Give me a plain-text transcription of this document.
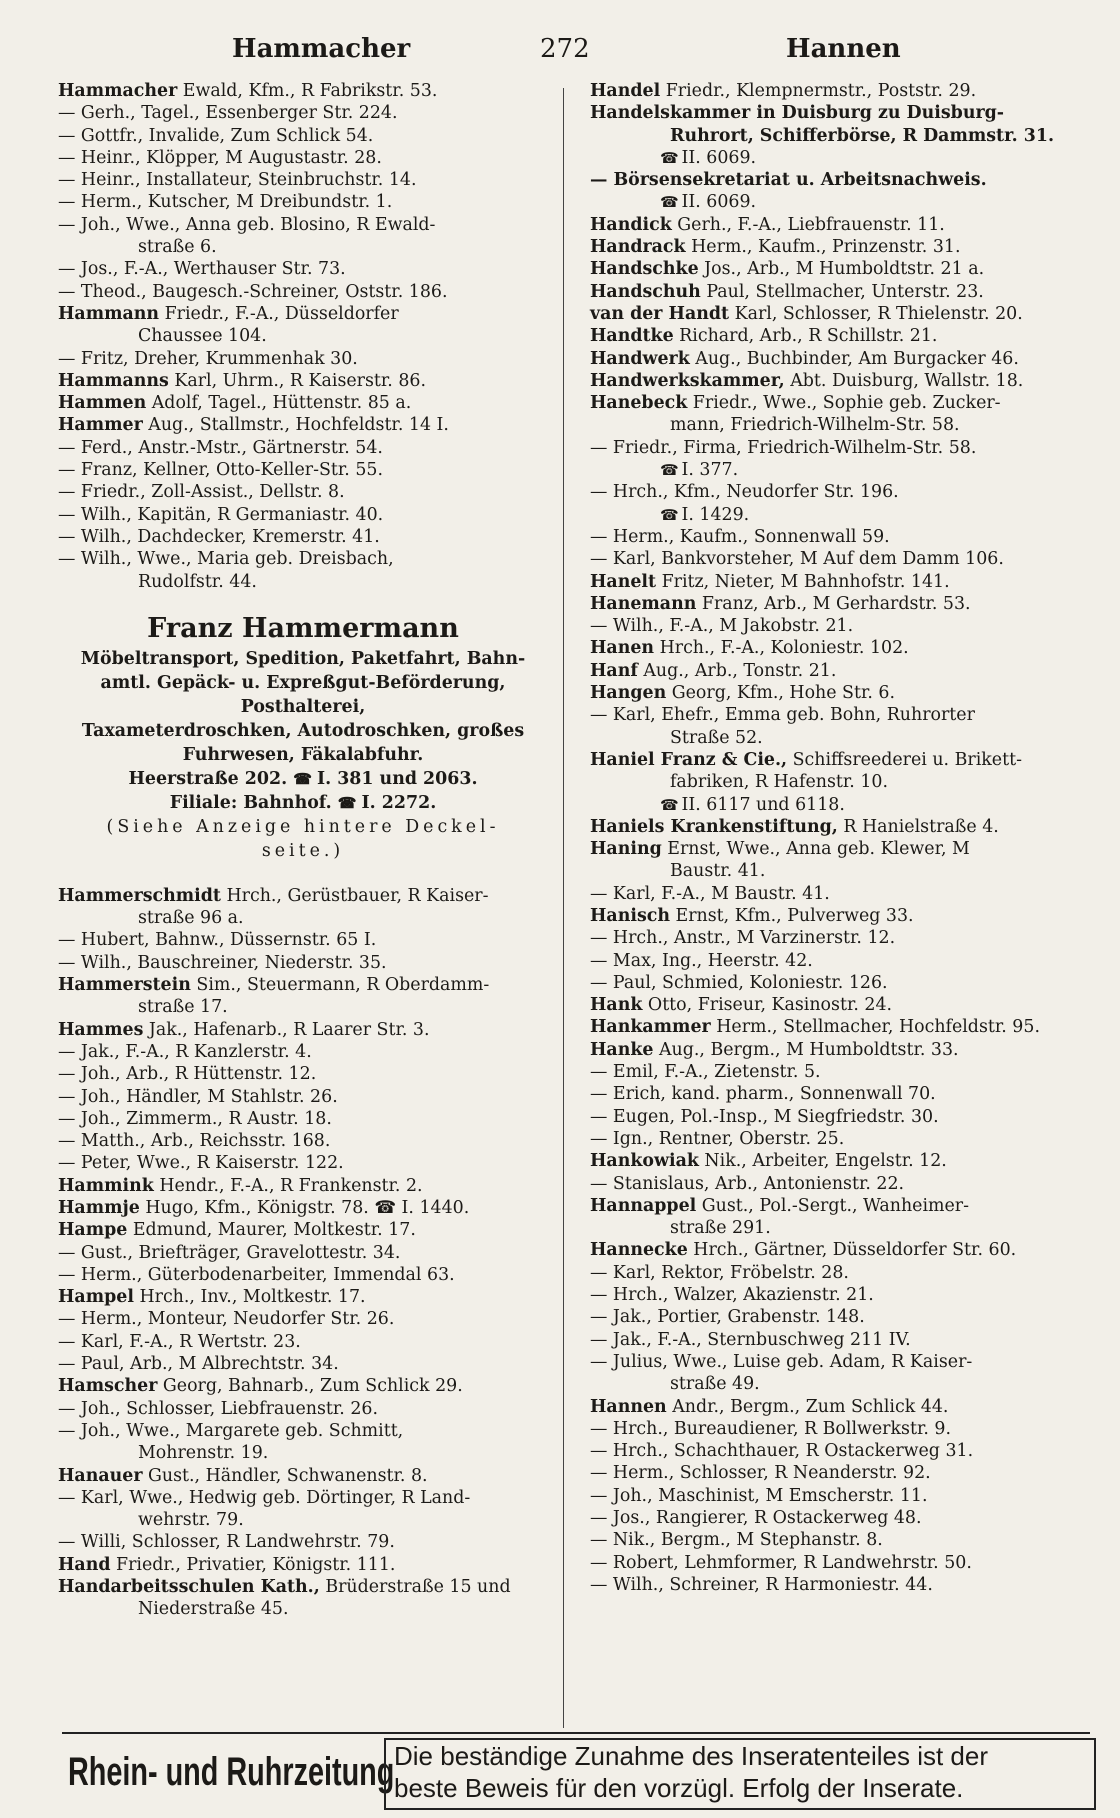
Hammacher	272	Hannen
Hammacher Ewald, Kfm., R Fabrikstr. 53.
— Gerh., Tagel., Essenberger Str. 224.
— Gottfr., Invalide, Zum Schlick 54.
— Heinr., Klöpper, M Augustastr. 28.
— Heinr., Installateur, Steinbruchstr. 14.
— Herm., Kutscher, M Dreibundstr. 1.
— Joh., Wwe., Anna geb. Blosino, R Ewald-
straße 6.
— Jos., F.-A., Werthauser Str. 73.
— Theod., Baugesch.-Schreiner, Oststr. 186.
Hammann Friedr., F.-A., Düsseldorfer
Chaussee 104.
— Fritz, Dreher, Krummenhak 30.
Hammanns Karl, Uhrm., R Kaiserstr. 86.
Hammen Adolf, Tagel., Hüttenstr. 85 a.
Hammer Aug., Stallmstr., Hochfeldstr. 14 I.
— Ferd., Anstr.-Mstr., Gärtnerstr. 54.
— Franz, Kellner, Otto-Keller-Str. 55.
— Friedr., Zoll-Assist., Dellstr. 8.
— Wilh., Kapitän, R Germaniastr. 40.
— Wilh., Dachdecker, Kremerstr. 41.
— Wilh., Wwe., Maria geb. Dreisbach,
Rudolfstr. 44.
Franz Hammermann
Möbeltransport, Spedition, Paketfahrt, Bahn-
amtl. Gepäck- u. Expreßgut-Beförderung,
Posthalterei,
Taxameterdroschken, Autodroschken, großes
Fuhrwesen, Fäkalabfuhr.
Heerstraße 202. ☎ I. 381 und 2063.
Filiale: Bahnhof. ☎ I. 2272.
(Siehe Anzeige hintere Deckel-
seite.)
Hammerschmidt Hrch., Gerüstbauer, R Kaiser-
straße 96 a.
— Hubert, Bahnw., Düssernstr. 65 I.
— Wilh., Bauschreiner, Niederstr. 35.
Hammerstein Sim., Steuermann, R Oberdamm-
straße 17.
Hammes Jak., Hafenarb., R Laarer Str. 3.
— Jak., F.-A., R Kanzlerstr. 4.
— Joh., Arb., R Hüttenstr. 12.
— Joh., Händler, M Stahlstr. 26.
— Joh., Zimmerm., R Austr. 18.
— Matth., Arb., Reichsstr. 168.
— Peter, Wwe., R Kaiserstr. 122.
Hammink Hendr., F.-A., R Frankenstr. 2.
Hammje Hugo, Kfm., Königstr. 78. ☎ I. 1440.
Hampe Edmund, Maurer, Moltkestr. 17.
— Gust., Briefträger, Gravelottestr. 34.
— Herm., Güterbodenarbeiter, Immendal 63.
Hampel Hrch., Inv., Moltkestr. 17.
— Herm., Monteur, Neudorfer Str. 26.
— Karl, F.-A., R Wertstr. 23.
— Paul, Arb., M Albrechtstr. 34.
Hamscher Georg, Bahnarb., Zum Schlick 29.
— Joh., Schlosser, Liebfrauenstr. 26.
— Joh., Wwe., Margarete geb. Schmitt,
Mohrenstr. 19.
Hanauer Gust., Händler, Schwanenstr. 8.
— Karl, Wwe., Hedwig geb. Dörtinger, R Land-
wehrstr. 79.
— Willi, Schlosser, R Landwehrstr. 79.
Hand Friedr., Privatier, Königstr. 111.
Handarbeitsschulen Kath., Brüderstraße 15 und
Niederstraße 45.
Handel Friedr., Klempnermstr., Poststr. 29.
Handelskammer in Duisburg zu Duisburg-
Ruhrort, Schifferbörse, R Dammstr. 31.
☎ II. 6069.
— Börsensekretariat u. Arbeitsnachweis.
☎ II. 6069.
Handick Gerh., F.-A., Liebfrauenstr. 11.
Handrack Herm., Kaufm., Prinzenstr. 31.
Handschke Jos., Arb., M Humboldtstr. 21 a.
Handschuh Paul, Stellmacher, Unterstr. 23.
van der Handt Karl, Schlosser, R Thielenstr. 20.
Handtke Richard, Arb., R Schillstr. 21.
Handwerk Aug., Buchbinder, Am Burgacker 46.
Handwerkskammer, Abt. Duisburg, Wallstr. 18.
Hanebeck Friedr., Wwe., Sophie geb. Zucker-
mann, Friedrich-Wilhelm-Str. 58.
— Friedr., Firma, Friedrich-Wilhelm-Str. 58.
☎ I. 377.
— Hrch., Kfm., Neudorfer Str. 196.
☎ I. 1429.
— Herm., Kaufm., Sonnenwall 59.
— Karl, Bankvorsteher, M Auf dem Damm 106.
Hanelt Fritz, Nieter, M Bahnhofstr. 141.
Hanemann Franz, Arb., M Gerhardstr. 53.
— Wilh., F.-A., M Jakobstr. 21.
Hanen Hrch., F.-A., Koloniestr. 102.
Hanf Aug., Arb., Tonstr. 21.
Hangen Georg, Kfm., Hohe Str. 6.
— Karl, Ehefr., Emma geb. Bohn, Ruhrorter
Straße 52.
Haniel Franz & Cie., Schiffsreederei u. Brikett-
fabriken, R Hafenstr. 10.
☎ II. 6117 und 6118.
Haniels Krankenstiftung, R Hanielstraße 4.
Haning Ernst, Wwe., Anna geb. Klewer, M
Baustr. 41.
— Karl, F.-A., M Baustr. 41.
Hanisch Ernst, Kfm., Pulverweg 33.
— Hrch., Anstr., M Varzinerstr. 12.
— Max, Ing., Heerstr. 42.
— Paul, Schmied, Koloniestr. 126.
Hank Otto, Friseur, Kasinostr. 24.
Hankammer Herm., Stellmacher, Hochfeldstr. 95.
Hanke Aug., Bergm., M Humboldtstr. 33.
— Emil, F.-A., Zietenstr. 5.
— Erich, kand. pharm., Sonnenwall 70.
— Eugen, Pol.-Insp., M Siegfriedstr. 30.
— Ign., Rentner, Oberstr. 25.
Hankowiak Nik., Arbeiter, Engelstr. 12.
— Stanislaus, Arb., Antonienstr. 22.
Hannappel Gust., Pol.-Sergt., Wanheimer-
straße 291.
Hannecke Hrch., Gärtner, Düsseldorfer Str. 60.
— Karl, Rektor, Fröbelstr. 28.
— Hrch., Walzer, Akazienstr. 21.
— Jak., Portier, Grabenstr. 148.
— Jak., F.-A., Sternbuschweg 211 IV.
— Julius, Wwe., Luise geb. Adam, R Kaiser-
straße 49.
Hannen Andr., Bergm., Zum Schlick 44.
— Hrch., Bureaudiener, R Bollwerkstr. 9.
— Hrch., Schachthauer, R Ostackerweg 31.
— Herm., Schlosser, R Neanderstr. 92.
— Joh., Maschinist, M Emscherstr. 11.
— Jos., Rangierer, R Ostackerweg 48.
— Nik., Bergm., M Stephanstr. 8.
— Robert, Lehmformer, R Landwehrstr. 50.
— Wilh., Schreiner, R Harmoniestr. 44.
Rhein- und Ruhrzeitung Die beständige Zunahme des Inseratenteiles ist der
beste Beweis für den vorzügl. Erfolg der Inserate.
